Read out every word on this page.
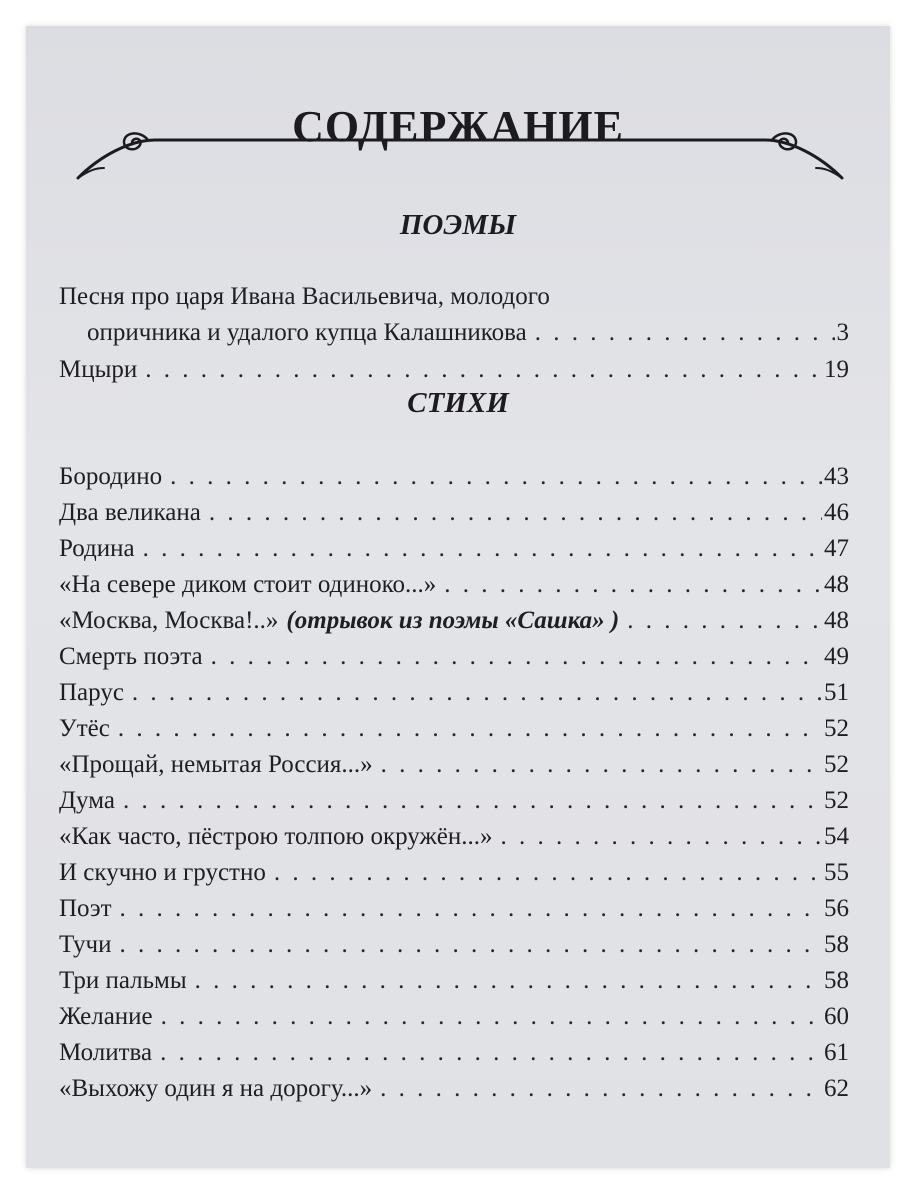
СОДЕРЖАНИЕ
ПОЭМЫ
Песня про царя Ивана Васильевича, молодого
опричника и удалого купца Калашникова . . .	3
Мцыри . . .	19
СТИХИ
Бородино . . .	43
Два великана . . .	46
Родина . . .	47
«На севере диком стоит одиноко...» . . .	48
«Москва, Москва!..» (отрывок из поэмы «Сашка» ) . . .	48
Смерть поэта . . .	49
Парус . . .	51
Утёс . . .	52
«Прощай, немытая Россия...» . . .	52
Дума . . .	52
«Как часто, пёстрою толпою окружён...» . . .	54
И скучно и грустно . . .	55
Поэт . . .	56
Тучи . . .	58
Три пальмы . . .	58
Желание . . .	60
Молитва . . .	61
«Выхожу один я на дорогу...» . . .	62
